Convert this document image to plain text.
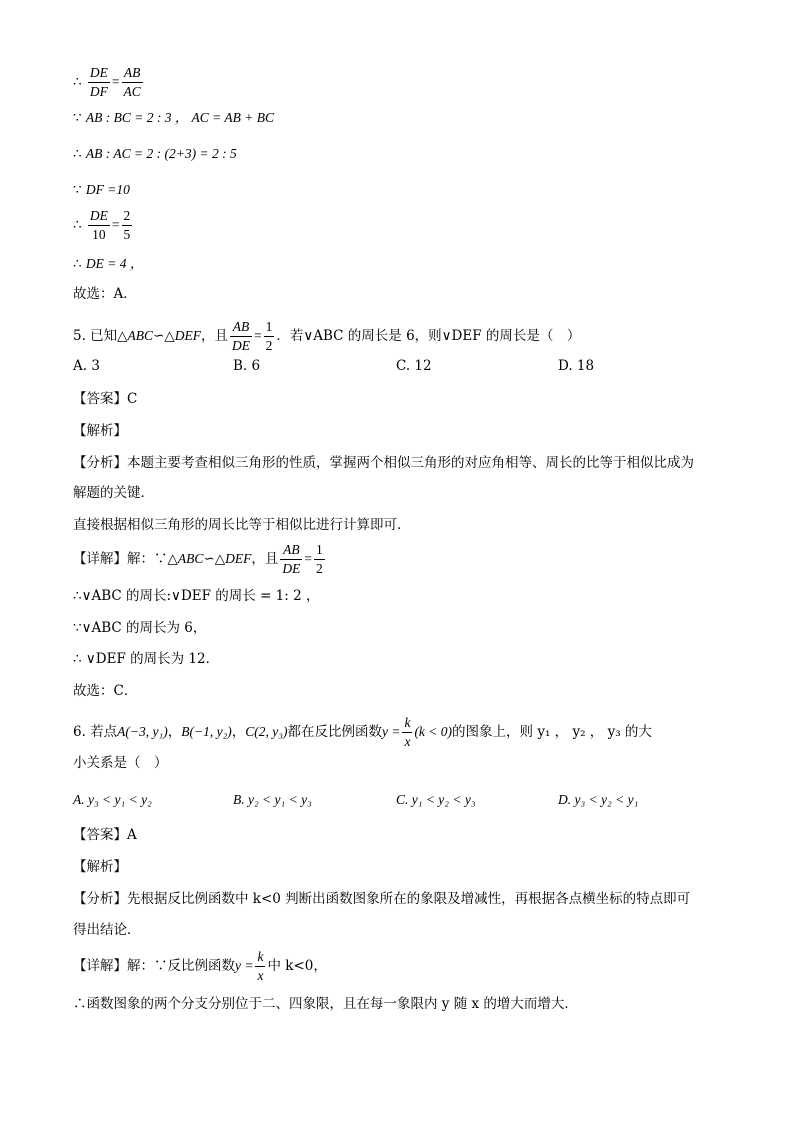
∴ $\frac{DE}{DF} = \frac{AB}{AC}$
∵ AB : BC = 2 : 3 ， AC = AB + BC
∴ AB : AC = 2 : (2+3) = 2 : 5
∵ DF =10
∴ $\frac{DE}{10} = \frac{2}{5}$
∴ DE = 4 ，
故选：A．
5. 已知△ABC∽△DEF，且 $\frac{AB}{DE} = \frac{1}{2}$ ．若∨ABC 的周长是 6，则∨DEF 的周长是（　）
A. 3	B. 6	C. 12	D. 18
【答案】C
【解析】
【分析】本题主要考查相似三角形的性质，掌握两个相似三角形的对应角相等、周长的比等于相似比成为
解题的关键．
直接根据相似三角形的周长比等于相似比进行计算即可．
【详解】解：∵△ABC∽△DEF，且 $\frac{AB}{DE} = \frac{1}{2}$
∴∨ABC 的周长:∨DEF 的周长 = 1: 2 ，
∵∨ABC 的周长为 6，
∴ ∨DEF 的周长为 12．
故选：C．
6. 若点A(−3, y₁)，B(−1, y₂)，C(2, y₃)都在反比例函数$y = \frac{k}{x} (k < 0)$的图象上，则 y₁ ， y₂ ， y₃ 的大
小关系是（　）
A. y₃ < y₁ < y₂	B. y₂ < y₁ < y₃	C. y₁ < y₂ < y₃	D. y₃ < y₂ < y₁
【答案】A
【解析】
【分析】先根据反比例函数中 k<0 判断出函数图象所在的象限及增减性，再根据各点横坐标的特点即可
得出结论．
【详解】解：∵反比例函数$y = \frac{k}{x}$ 中 k<0，
∴函数图象的两个分支分别位于二、四象限，且在每一象限内 y 随 x 的增大而增大．
